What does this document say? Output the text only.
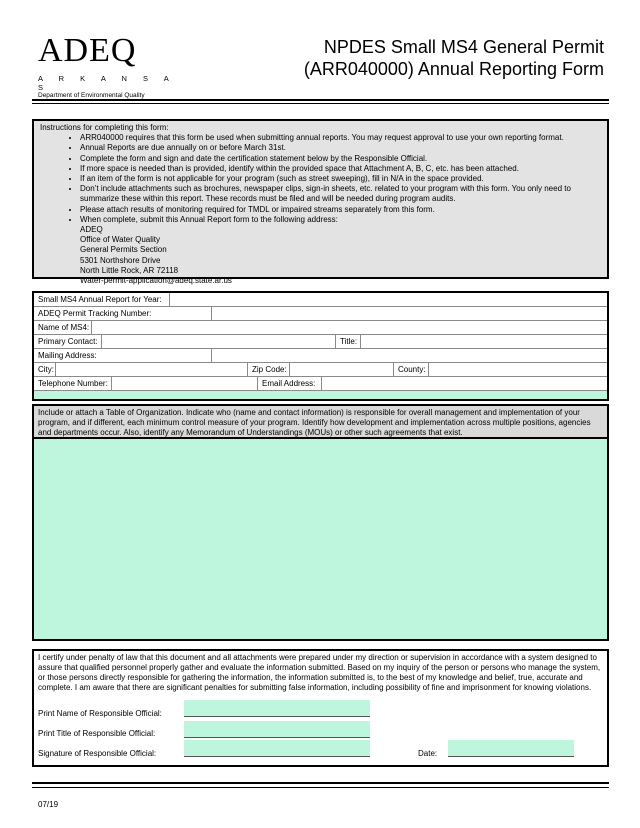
ADEQ
A R K A N S A S
Department of Environmental Quality
NPDES Small MS4 General Permit
(ARR040000) Annual Reporting Form
Instructions for completing this form:
• ARR040000 requires that this form be used when submitting annual reports. You may request approval to use your own reporting format.
• Annual Reports are due annually on or before March 31st.
• Complete the form and sign and date the certification statement below by the Responsible Official.
• If more space is needed than is provided, identify within the provided space that Attachment A, B, C, etc. has been attached.
• If an item of the form is not applicable for your program (such as street sweeping), fill in N/A in the space provided.
• Don’t include attachments such as brochures, newspaper clips, sign-in sheets, etc. related to your program with this form. You only need to summarize these within this report. These records must be filed and will be needed during program audits.
• Please attach results of monitoring required for TMDL or impaired streams separately from this form.
• When complete, submit this Annual Report form to the following address:
ADEQ
Office of Water Quality
General Permits Section
5301 Northshore Drive
North Little Rock, AR 72118
Water-permit-application@adeq.state.ar.us
Small MS4 Annual Report for Year:
ADEQ Permit Tracking Number:
Name of MS4:
Primary Contact:	Title:
Mailing Address:
City:	Zip Code:	County:
Telephone Number:	Email Address:
Include or attach a Table of Organization. Indicate who (name and contact information) is responsible for overall management and implementation of your program, and if different, each minimum control measure of your program. Identify how development and implementation across multiple positions, agencies and departments occur. Also, identify any Memorandum of Understandings (MOUs) or other such agreements that exist.
I certify under penalty of law that this document and all attachments were prepared under my direction or supervision in accordance with a system designed to assure that qualified personnel properly gather and evaluate the information submitted. Based on my inquiry of the person or persons who manage the system, or those persons directly responsible for gathering the information, the information submitted is, to the best of my knowledge and belief, true, accurate and complete. I am aware that there are significant penalties for submitting false information, including possibility of fine and imprisonment for knowing violations.
Print Name of Responsible Official:
Print Title of Responsible Official:
Signature of Responsible Official:	Date:
07/19
